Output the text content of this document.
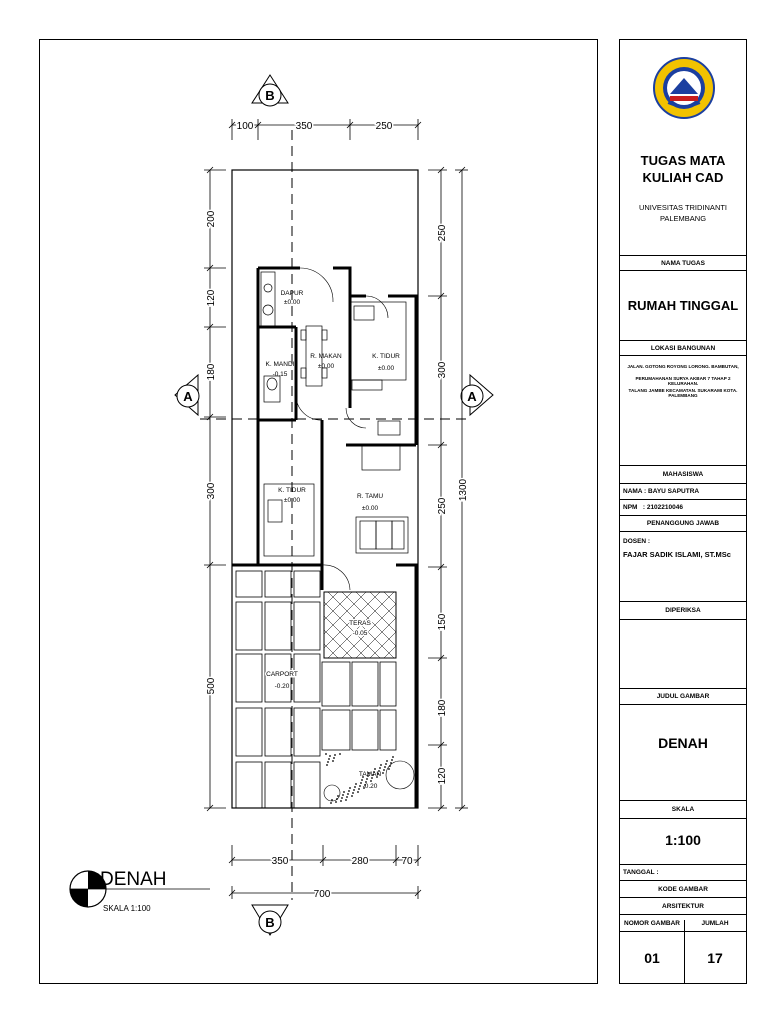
B
B
A	A
100	350	250
200
120
180
300
500
250
300
250
150
180
120
1300
350	280	70
700
DAPUR
±0.00
R. MAKAN
±0.00
K. MANDI
-0.15
K. TIDUR
±0.00
K. TIDUR
±0.00
R. TAMU
±0.00
TERAS
-0.05
CARPORT
-0.20
TAMAN
-0.20
DENAH
SKALA 1:100
TUGAS MATA KULIAH CAD
UNIVESITAS TRIDINANTI
PALEMBANG
NAMA TUGAS
RUMAH TINGGAL
LOKASI BANGUNAN
JALAN. GOTONG ROYONG LORONG. BAMBUTAN,
PERUMAHANAN SURYA AKBAR 7 TAHAP 2 KELURAHAN.
TALANG JAMBE KECAMATAN. SUKARAMI KOTA. PALEMBANG
MAHASISWA
NAMA : BAYU SAPUTRA
NPM   : 2102210046
PENANGGUNG JAWAB
DOSEN :
FAJAR SADIK ISLAMI, ST.MSc
DIPERIKSA
JUDUL GAMBAR
DENAH
SKALA
1:100
TANGGAL :
KODE GAMBAR
ARSITEKTUR
NOMOR GAMBAR	JUMLAH
01	17
